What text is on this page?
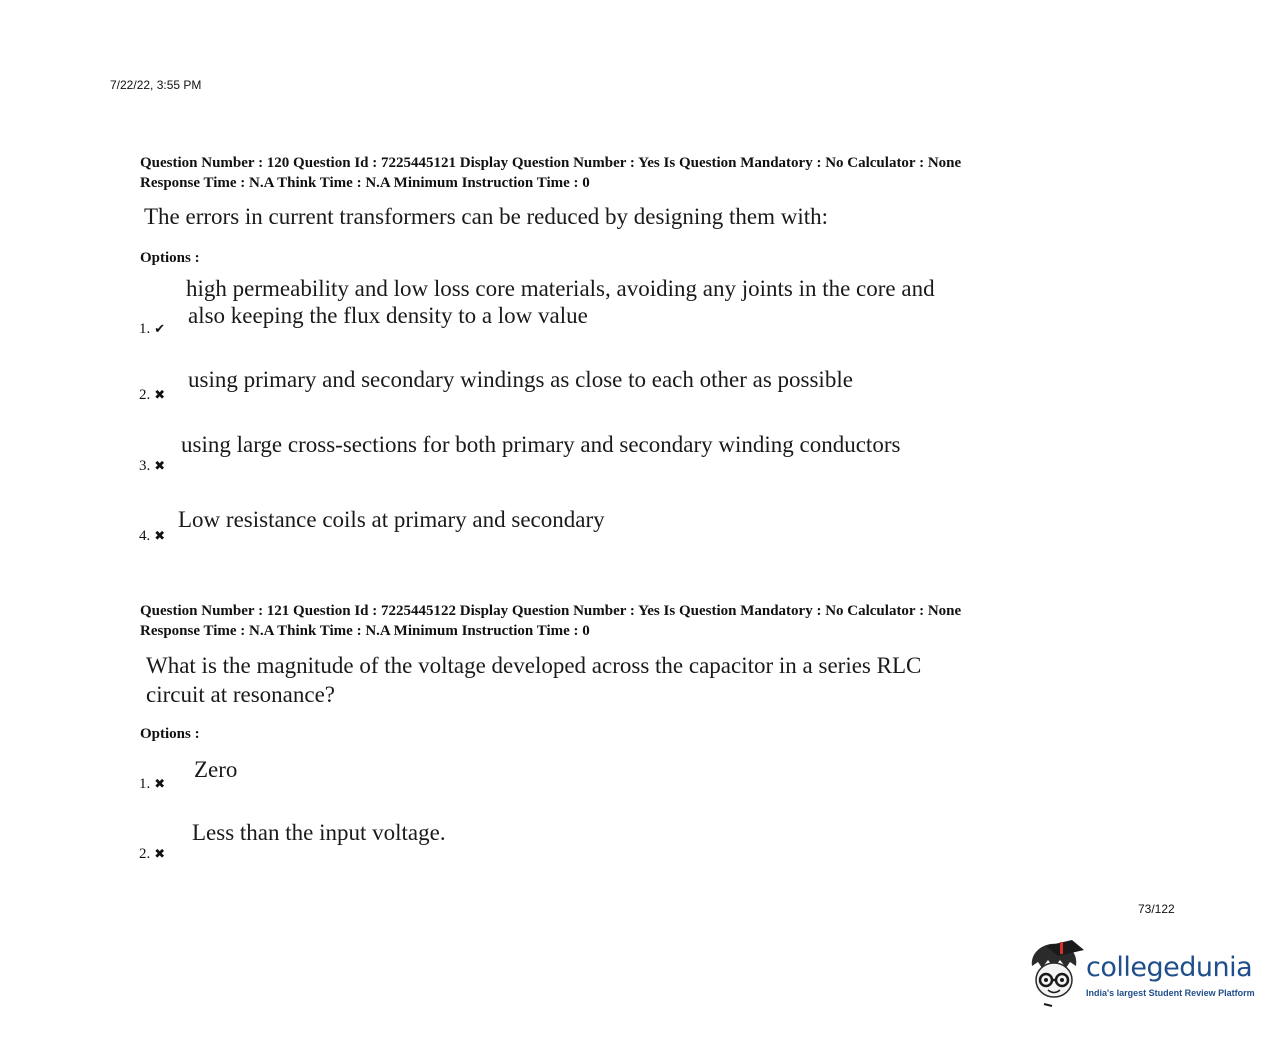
7/22/22, 3:55 PM
Question Number : 120 Question Id : 7225445121 Display Question Number : Yes Is Question Mandatory : No Calculator : None
Response Time : N.A Think Time : N.A Minimum Instruction Time : 0
The errors in current transformers can be reduced by designing them with:
Options :
high permeability and low loss core materials, avoiding any joints in the core and
also keeping the flux density to a low value
1. ✔
using primary and secondary windings as close to each other as possible
2. ✖
using large cross-sections for both primary and secondary winding conductors
3. ✖
Low resistance coils at primary and secondary
4. ✖
Question Number : 121 Question Id : 7225445122 Display Question Number : Yes Is Question Mandatory : No Calculator : None
Response Time : N.A Think Time : N.A Minimum Instruction Time : 0
What is the magnitude of the voltage developed across the capacitor in a series RLC
circuit at resonance?
Options :
Zero
1. ✖
Less than the input voltage.
2. ✖
73/122
collegedunia
India's largest Student Review Platform
